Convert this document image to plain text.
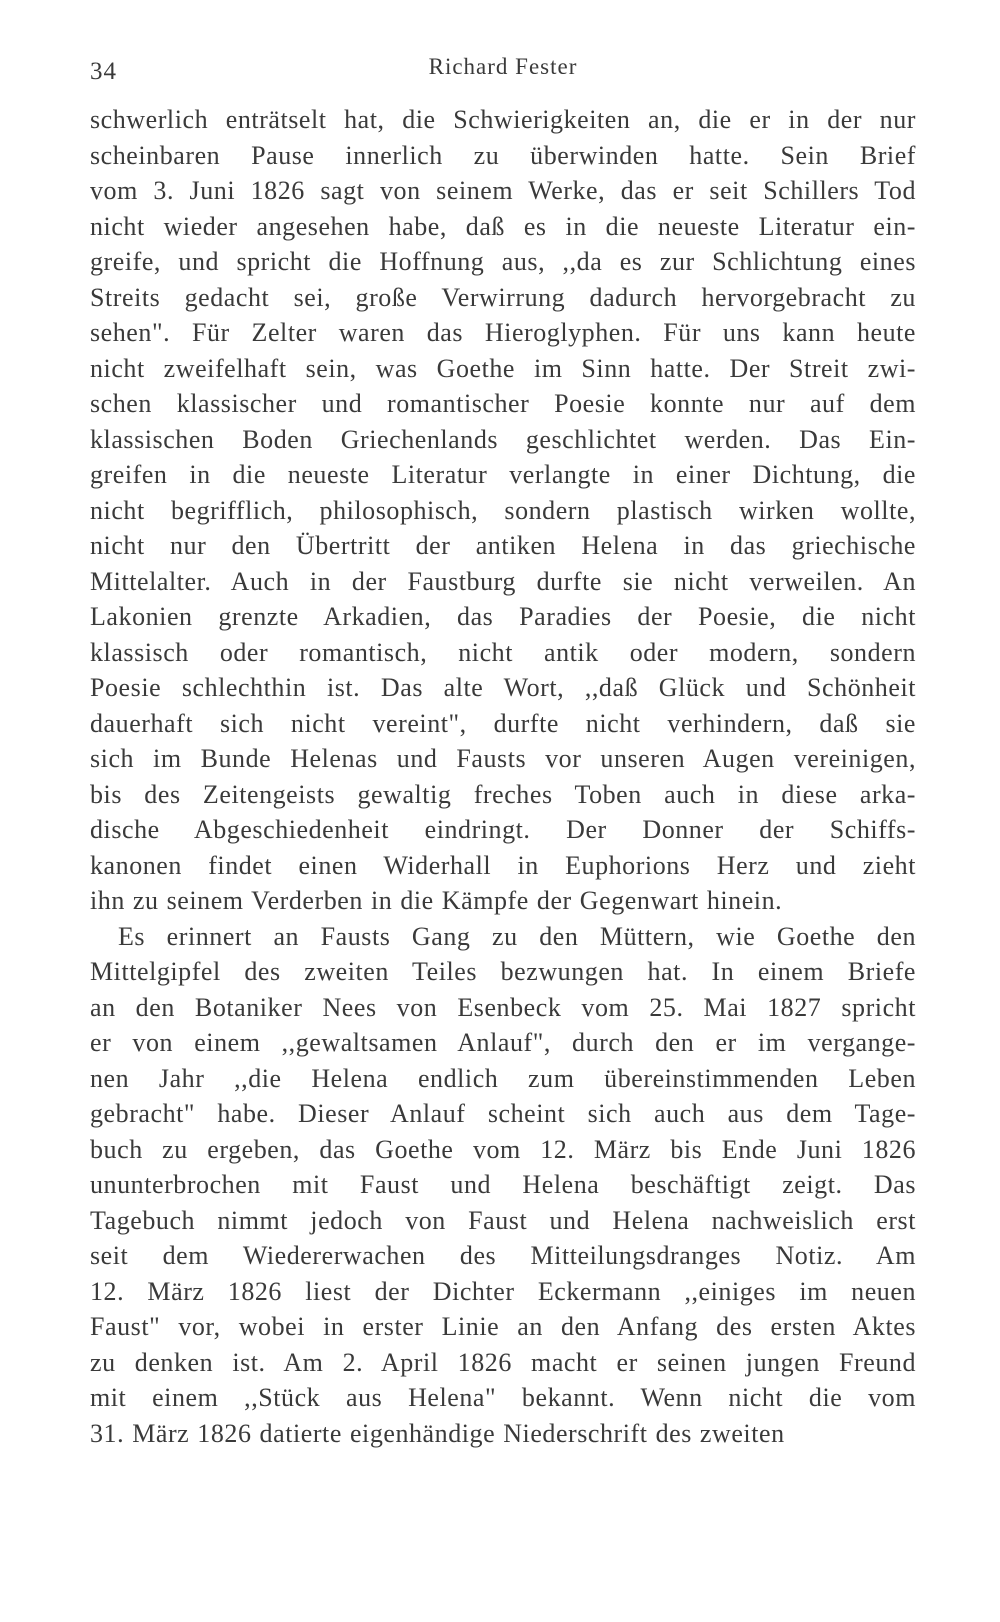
34	Richard Fester
schwerlich enträtselt hat, die Schwierigkeiten an, die er in der nur
scheinbaren Pause innerlich zu überwinden hatte. Sein Brief
vom 3. Juni 1826 sagt von seinem Werke, das er seit Schillers Tod
nicht wieder angesehen habe, daß es in die neueste Literatur ein-
greife, und spricht die Hoffnung aus, ,,da es zur Schlichtung eines
Streits gedacht sei, große Verwirrung dadurch hervorgebracht zu
sehen". Für Zelter waren das Hieroglyphen. Für uns kann heute
nicht zweifelhaft sein, was Goethe im Sinn hatte. Der Streit zwi-
schen klassischer und romantischer Poesie konnte nur auf dem
klassischen Boden Griechenlands geschlichtet werden. Das Ein-
greifen in die neueste Literatur verlangte in einer Dichtung, die
nicht begrifflich, philosophisch, sondern plastisch wirken wollte,
nicht nur den Übertritt der antiken Helena in das griechische
Mittelalter. Auch in der Faustburg durfte sie nicht verweilen. An
Lakonien grenzte Arkadien, das Paradies der Poesie, die nicht
klassisch oder romantisch, nicht antik oder modern, sondern
Poesie schlechthin ist. Das alte Wort, ,,daß Glück und Schönheit
dauerhaft sich nicht vereint", durfte nicht verhindern, daß sie
sich im Bunde Helenas und Fausts vor unseren Augen vereinigen,
bis des Zeitengeists gewaltig freches Toben auch in diese arka-
dische Abgeschiedenheit eindringt. Der Donner der Schiffs-
kanonen findet einen Widerhall in Euphorions Herz und zieht
ihn zu seinem Verderben in die Kämpfe der Gegenwart hinein.
Es erinnert an Fausts Gang zu den Müttern, wie Goethe den
Mittelgipfel des zweiten Teiles bezwungen hat. In einem Briefe
an den Botaniker Nees von Esenbeck vom 25. Mai 1827 spricht
er von einem ,,gewaltsamen Anlauf", durch den er im vergange-
nen Jahr ,,die Helena endlich zum übereinstimmenden Leben
gebracht" habe. Dieser Anlauf scheint sich auch aus dem Tage-
buch zu ergeben, das Goethe vom 12. März bis Ende Juni 1826
ununterbrochen mit Faust und Helena beschäftigt zeigt. Das
Tagebuch nimmt jedoch von Faust und Helena nachweislich erst
seit dem Wiedererwachen des Mitteilungsdranges Notiz. Am
12. März 1826 liest der Dichter Eckermann ,,einiges im neuen
Faust" vor, wobei in erster Linie an den Anfang des ersten Aktes
zu denken ist. Am 2. April 1826 macht er seinen jungen Freund
mit einem ,,Stück aus Helena" bekannt. Wenn nicht die vom
31. März 1826 datierte eigenhändige Niederschrift des zweiten
